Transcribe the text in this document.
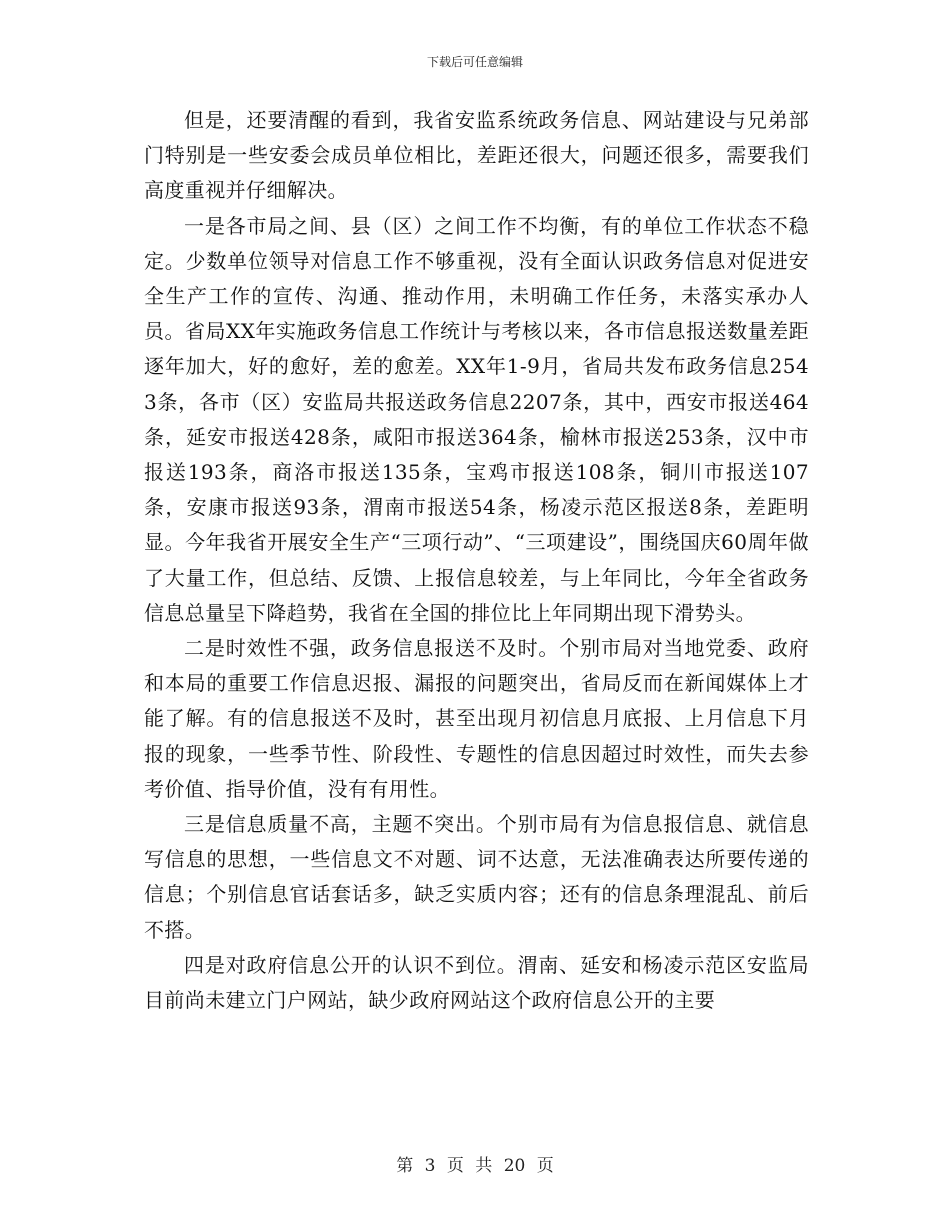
下载后可任意编辑

但是，还要清醒的看到，我省安监系统政务信息、网站建设与兄弟部门特别是一些安委会成员单位相比，差距还很大，问题还很多，需要我们高度重视并仔细解决。

一是各市局之间、县（区）之间工作不均衡，有的单位工作状态不稳定。少数单位领导对信息工作不够重视，没有全面认识政务信息对促进安全生产工作的宣传、沟通、推动作用，未明确工作任务，未落实承办人员。省局XX年实施政务信息工作统计与考核以来，各市信息报送数量差距逐年加大，好的愈好，差的愈差。XX年1-9月，省局共发布政务信息2543条，各市（区）安监局共报送政务信息2207条，其中，西安市报送464条，延安市报送428条，咸阳市报送364条，榆林市报送253条，汉中市报送193条，商洛市报送135条，宝鸡市报送108条，铜川市报送107条，安康市报送93条，渭南市报送54条，杨凌示范区报送8条，差距明显。今年我省开展安全生产“三项行动”、“三项建设”，围绕国庆60周年做了大量工作，但总结、反馈、上报信息较差，与上年同比，今年全省政务信息总量呈下降趋势，我省在全国的排位比上年同期出现下滑势头。

二是时效性不强，政务信息报送不及时。个别市局对当地党委、政府和本局的重要工作信息迟报、漏报的问题突出，省局反而在新闻媒体上才能了解。有的信息报送不及时，甚至出现月初信息月底报、上月信息下月报的现象，一些季节性、阶段性、专题性的信息因超过时效性，而失去参考价值、指导价值，没有有用性。

三是信息质量不高，主题不突出。个别市局有为信息报信息、就信息写信息的思想，一些信息文不对题、词不达意，无法准确表达所要传递的信息；个别信息官话套话多，缺乏实质内容；还有的信息条理混乱、前后不搭。

四是对政府信息公开的认识不到位。渭南、延安和杨凌示范区安监局目前尚未建立门户网站，缺少政府网站这个政府信息公开的主要

第 3 页 共 20 页
